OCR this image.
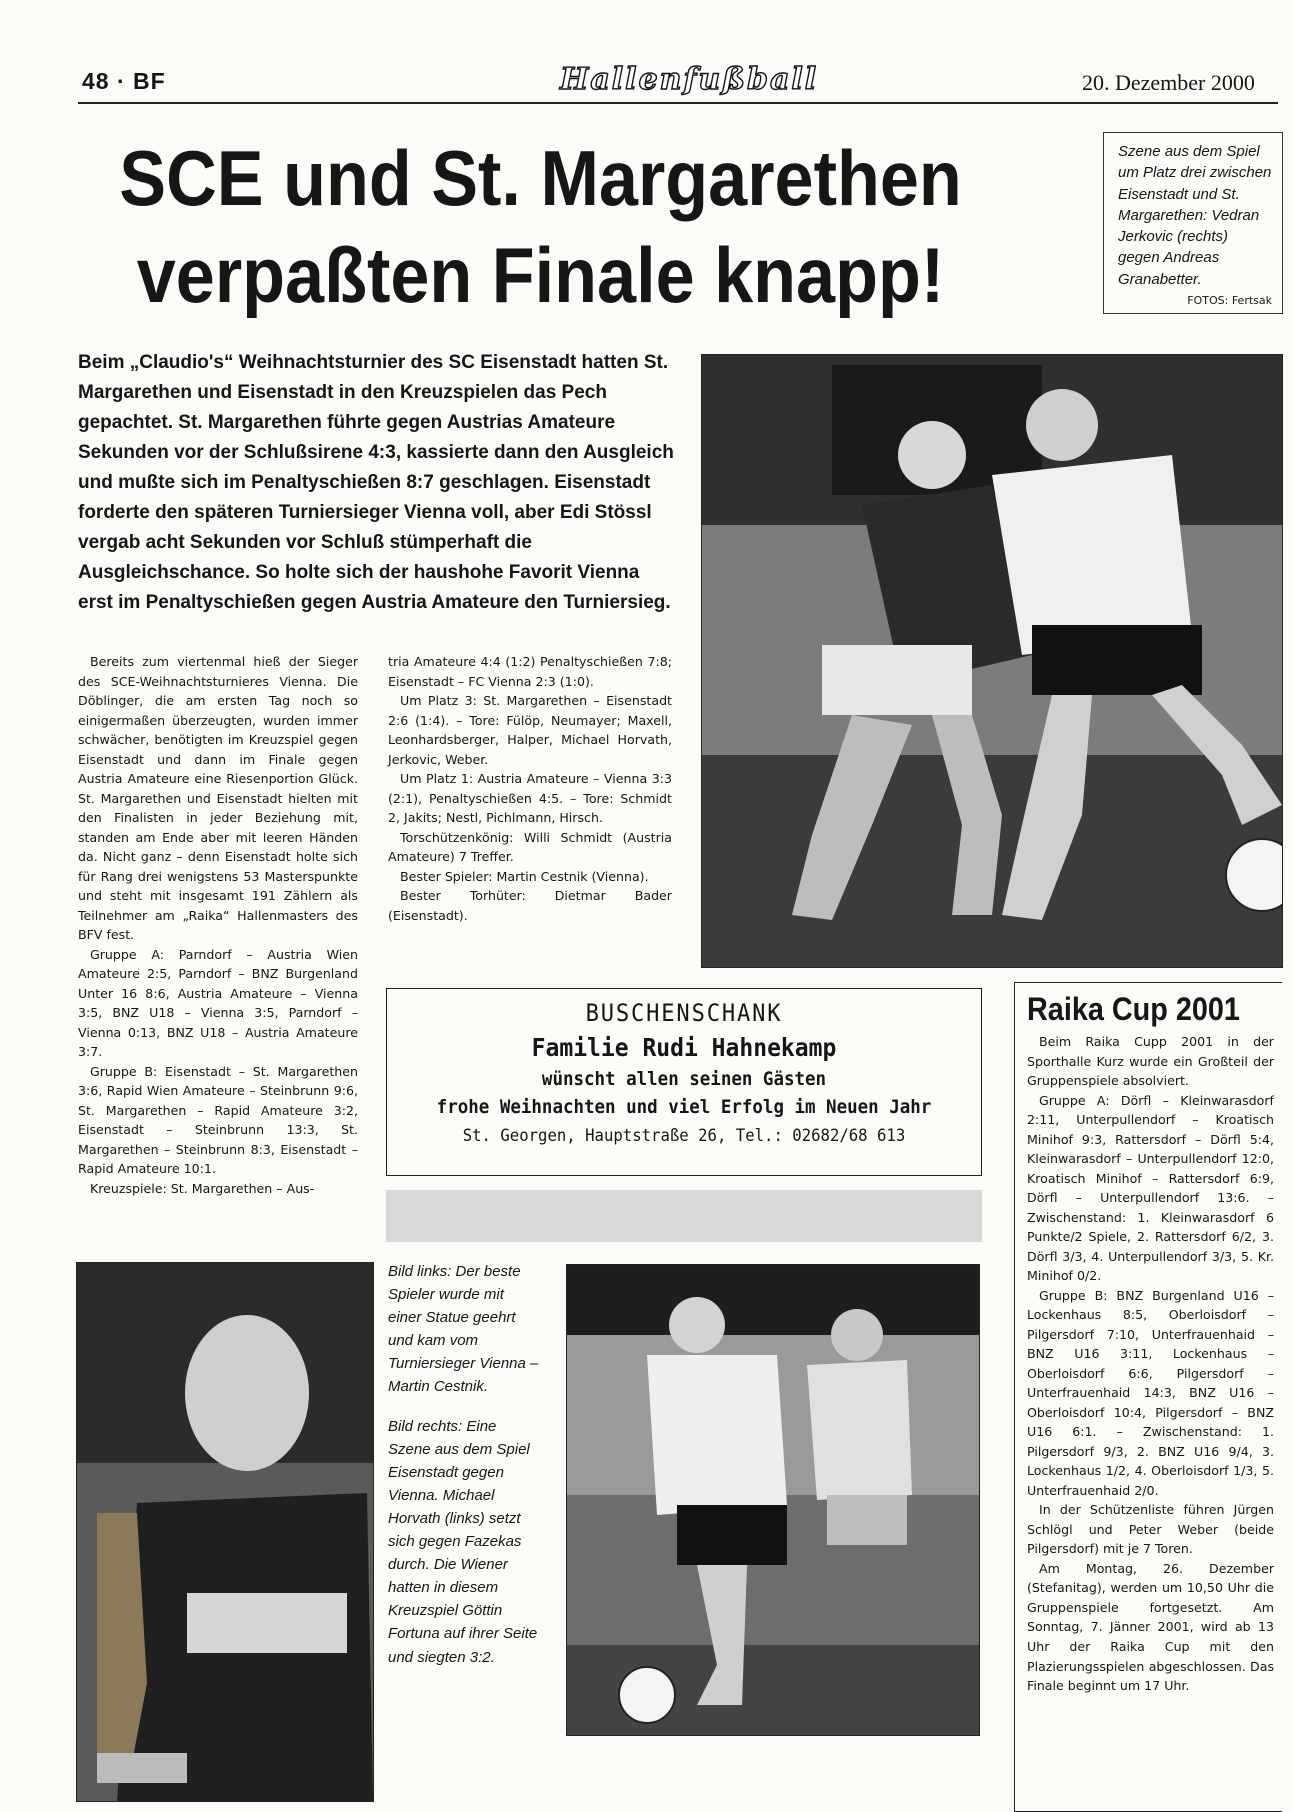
48 · BF	Hallenfußball	20. Dezember 2000
SCE und St. Margarethen
verpaßten Finale knapp!
Szene aus dem Spiel um Platz drei zwischen Eisenstadt und St. Margarethen: Vedran Jerkovic (rechts) gegen Andreas Granabetter.
FOTOS: Fertsak
Beim „Claudio's“ Weihnachtsturnier des SC Eisenstadt hatten St. Margarethen und Eisenstadt in den Kreuzspielen das Pech gepachtet. St. Margarethen führte gegen Austrias Amateure Sekunden vor der Schlußsirene 4:3, kassierte dann den Ausgleich und mußte sich im Penaltyschießen 8:7 geschlagen. Eisenstadt forderte den späteren Turniersieger Vienna voll, aber Edi Stössl vergab acht Sekunden vor Schluß stümperhaft die Ausgleichschance. So holte sich der haushohe Favorit Vienna erst im Penaltyschießen gegen Austria Amateure den Turniersieg.

Bereits zum viertenmal hieß der Sieger des SCE-Weihnachtsturnieres Vienna. Die Döblinger, die am ersten Tag noch so einigermaßen überzeugten, wurden immer schwächer, benötigten im Kreuzspiel gegen Eisenstadt und dann im Finale gegen Austria Amateure eine Riesenportion Glück. St. Margarethen und Eisenstadt hielten mit den Finalisten in jeder Beziehung mit, standen am Ende aber mit leeren Händen da. Nicht ganz – denn Eisenstadt holte sich für Rang drei wenigstens 53 Masterspunkte und steht mit insgesamt 191 Zählern als Teilnehmer am „Raika“ Hallenmasters des BFV fest.

Gruppe A: Parndorf – Austria Wien Amateure 2:5, Parndorf – BNZ Burgenland Unter 16 8:6, Austria Amateure – Vienna 3:5, BNZ U18 – Vienna 3:5, Parndorf – Vienna 0:13, BNZ U18 – Austria Amateure 3:7.

Gruppe B: Eisenstadt – St. Margarethen 3:6, Rapid Wien Amateure – Steinbrunn 9:6, St. Margarethen – Rapid Amateure 3:2, Eisenstadt – Steinbrunn 13:3, St. Margarethen – Steinbrunn 8:3, Eisenstadt – Rapid Amateure 10:1.

Kreuzspiele: St. Margarethen – Aus-

tria Amateure 4:4 (1:2) Penaltyschießen 7:8; Eisenstadt – FC Vienna 2:3 (1:0).

Um Platz 3: St. Margarethen – Eisenstadt 2:6 (1:4). – Tore: Fülöp, Neumayer; Maxell, Leonhardsberger, Halper, Michael Horvath, Jerkovic, Weber.

Um Platz 1: Austria Amateure – Vienna 3:3 (2:1), Penaltyschießen 4:5. – Tore: Schmidt 2, Jakits; Nestl, Pichlmann, Hirsch.

Torschützenkönig: Willi Schmidt (Austria Amateure) 7 Treffer.

Bester Spieler: Martin Cestnik (Vienna).

Bester Torhüter: Dietmar Bader (Eisenstadt).

BUSCHENSCHANK
Familie Rudi Hahnekamp
wünscht allen seinen Gästen
frohe Weihnachten und viel Erfolg im Neuen Jahr
St. Georgen, Hauptstraße 26, Tel.: 02682/68 613
Raika Cup 2001

Beim Raika Cupp 2001 in der Sporthalle Kurz wurde ein Großteil der Gruppenspiele absolviert.

Gruppe A: Dörfl – Kleinwarasdorf 2:11, Unterpullendorf – Kroatisch Minihof 9:3, Rattersdorf – Dörfl 5:4, Kleinwarasdorf – Unterpullendorf 12:0, Kroatisch Minihof – Rattersdorf 6:9, Dörfl – Unterpullendorf 13:6. – Zwischenstand: 1. Kleinwarasdorf 6 Punkte/2 Spiele, 2. Rattersdorf 6/2, 3. Dörfl 3/3, 4. Unterpullendorf 3/3, 5. Kr. Minihof 0/2.

Gruppe B: BNZ Burgenland U16 – Lockenhaus 8:5, Oberloisdorf – Pilgersdorf 7:10, Unterfrauenhaid – BNZ U16 3:11, Lockenhaus – Oberloisdorf 6:6, Pilgersdorf – Unterfrauenhaid 14:3, BNZ U16 – Oberloisdorf 10:4, Pilgersdorf – BNZ U16 6:1. – Zwischenstand: 1. Pilgersdorf 9/3, 2. BNZ U16 9/4, 3. Lockenhaus 1/2, 4. Oberloisdorf 1/3, 5. Unterfrauenhaid 2/0.

In der Schützenliste führen Jürgen Schlögl und Peter Weber (beide Pilgersdorf) mit je 7 Toren.

Am Montag, 26. Dezember (Stefanitag), werden um 10,50 Uhr die Gruppenspiele fortgesetzt. Am Sonntag, 7. Jänner 2001, wird ab 13 Uhr der Raika Cup mit den Plazierungsspielen abgeschlossen. Das Finale beginnt um 17 Uhr.

Bild links: Der beste Spieler wurde mit einer Statue geehrt und kam vom Turniersieger Vienna – Martin Cestnik.

Bild rechts: Eine Szene aus dem Spiel Eisenstadt gegen Vienna. Michael Horvath (links) setzt sich gegen Fazekas durch. Die Wiener hatten in diesem Kreuzspiel Göttin Fortuna auf ihrer Seite und siegten 3:2.
